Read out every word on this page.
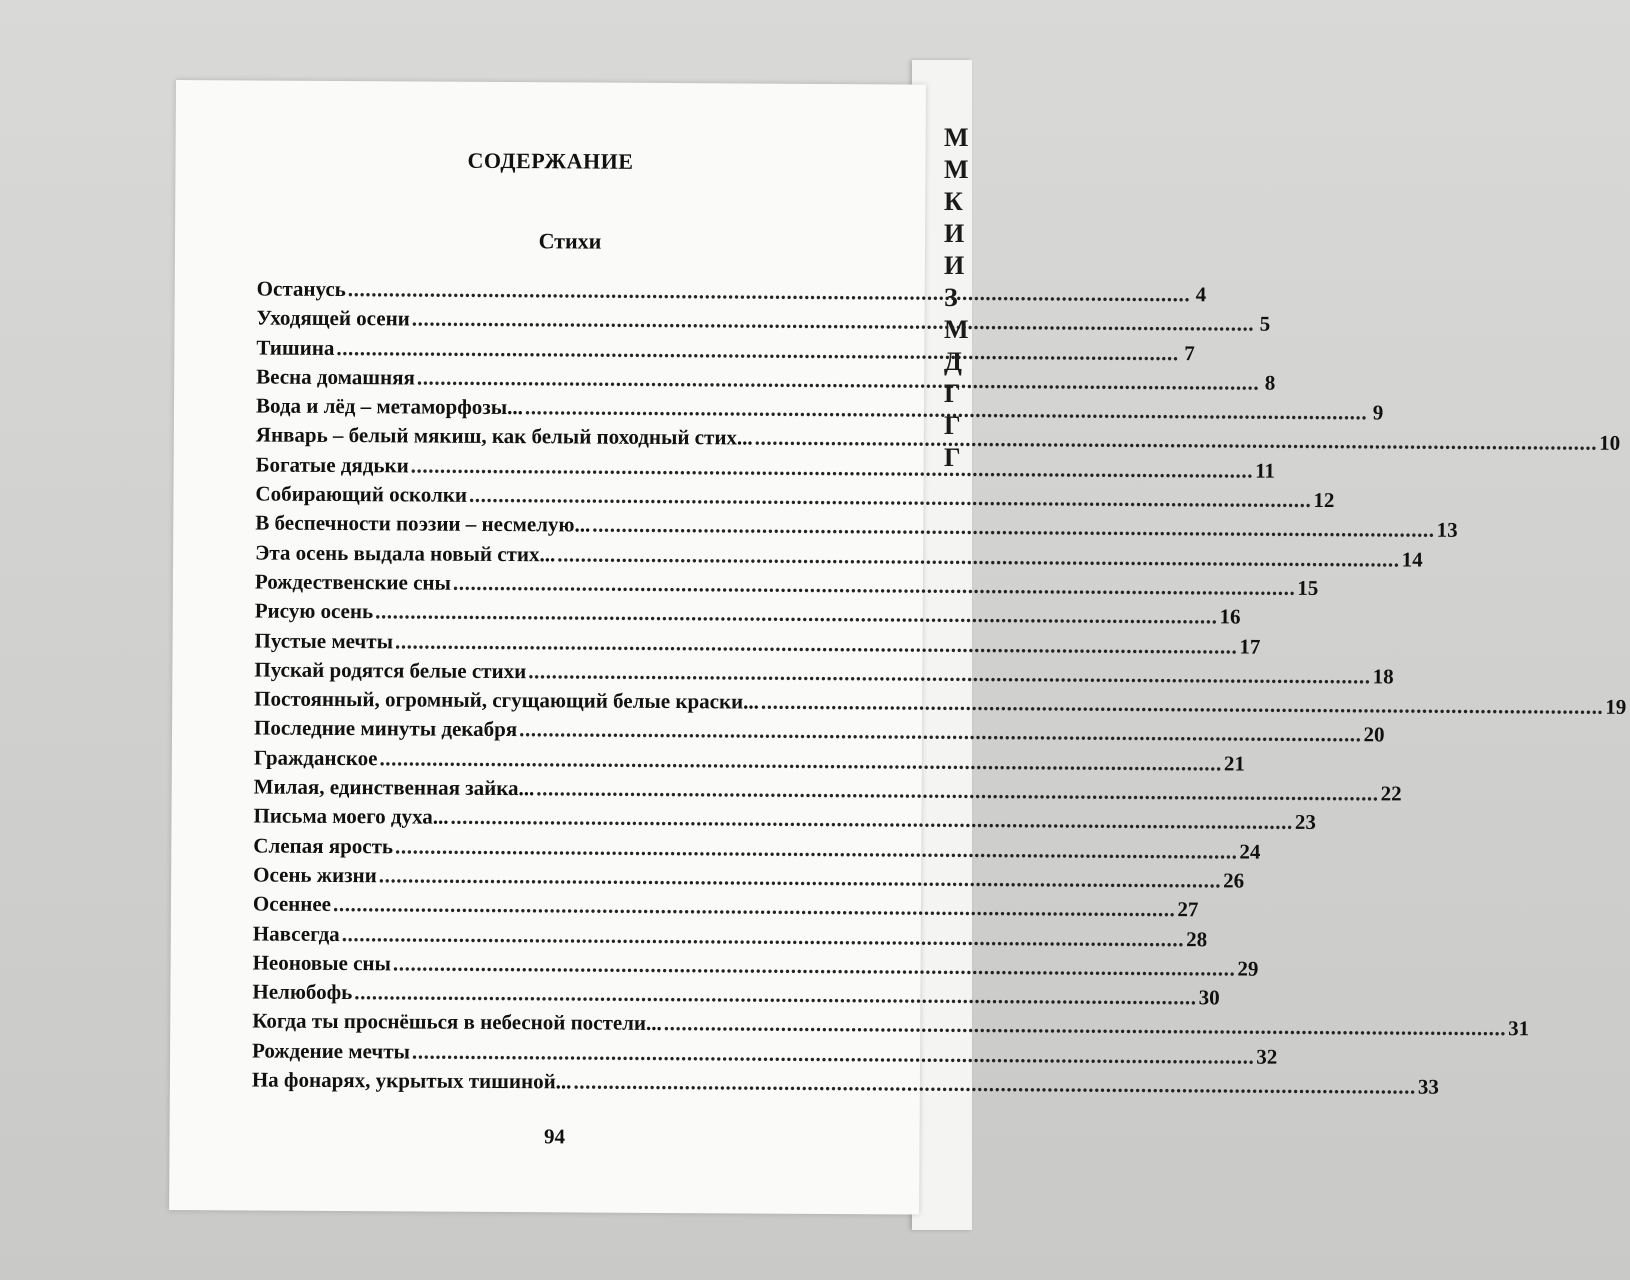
М
М
К
И
И
З
М
Д
Г
Г
Г
СОДЕРЖАНИЕ
Стихи
Останусь .....	4
Уходящей осени .....	5
Тишина .....	7
Весна домашняя .....	8
Вода и лёд – метаморфозы... .....	9
Январь – белый мякиш, как белый походный стих... .....	10
Богатые дядьки .....	11
Собирающий осколки .....	12
В беспечности поэзии – несмелую... .....	13
Эта осень выдала новый стих... .....	14
Рождественские сны .....	15
Рисую осень .....	16
Пустые мечты .....	17
Пускай родятся белые стихи .....	18
Постоянный, огромный, сгущающий белые краски... .....	19
Последние минуты декабря .....	20
Гражданское .....	21
Милая, единственная зайка... .....	22
Письма моего духа... .....	23
Слепая ярость .....	24
Осень жизни .....	26
Осеннее .....	27
Навсегда .....	28
Неоновые сны .....	29
Нелюбофь .....	30
Когда ты проснёшься в небесной постели... .....	31
Рождение мечты .....	32
На фонарях, укрытых тишиной... .....	33
94
